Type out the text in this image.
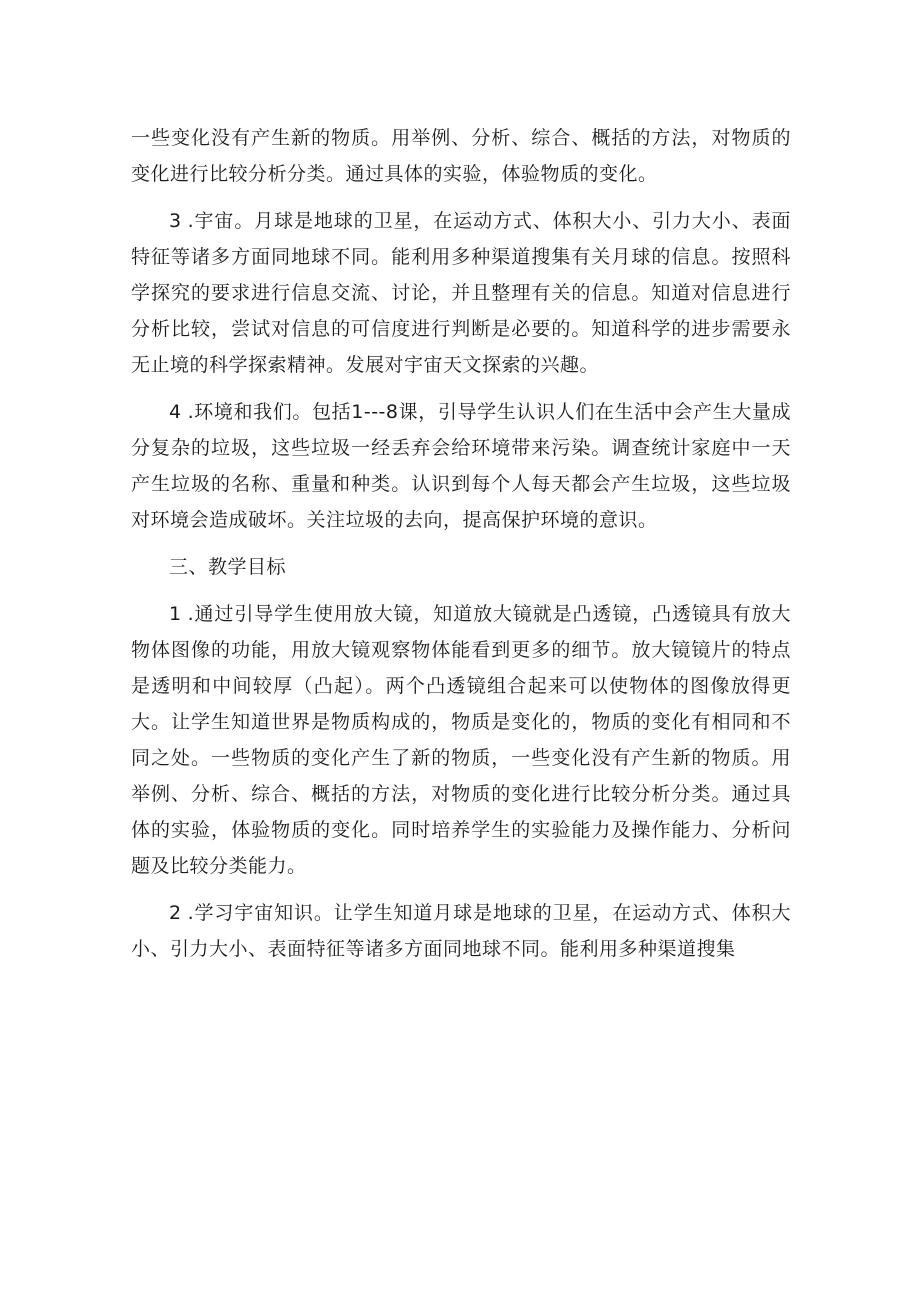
一些变化没有产生新的物质。用举例、分析、综合、概括的方法，对物质的变化进行比较分析分类。通过具体的实验，体验物质的变化。

3 .宇宙。月球是地球的卫星，在运动方式、体积大小、引力大小、表面特征等诸多方面同地球不同。能利用多种渠道搜集有关月球的信息。按照科学探究的要求进行信息交流、讨论，并且整理有关的信息。知道对信息进行分析比较，尝试对信息的可信度进行判断是必要的。知道科学的进步需要永无止境的科学探索精神。发展对宇宙天文探索的兴趣。

4 .环境和我们。包括1---8课，引导学生认识人们在生活中会产生大量成分复杂的垃圾，这些垃圾一经丢弃会给环境带来污染。调查统计家庭中一天产生垃圾的名称、重量和种类。认识到每个人每天都会产生垃圾，这些垃圾对环境会造成破坏。关注垃圾的去向，提高保护环境的意识。

三、教学目标

1 .通过引导学生使用放大镜，知道放大镜就是凸透镜，凸透镜具有放大物体图像的功能，用放大镜观察物体能看到更多的细节。放大镜镜片的特点是透明和中间较厚（凸起）。两个凸透镜组合起来可以使物体的图像放得更大。让学生知道世界是物质构成的，物质是变化的，物质的变化有相同和不同之处。一些物质的变化产生了新的物质，一些变化没有产生新的物质。用举例、分析、综合、概括的方法，对物质的变化进行比较分析分类。通过具体的实验，体验物质的变化。同时培养学生的实验能力及操作能力、分析问题及比较分类能力。

2 .学习宇宙知识。让学生知道月球是地球的卫星，在运动方式、体积大小、引力大小、表面特征等诸多方面同地球不同。能利用多种渠道搜集
